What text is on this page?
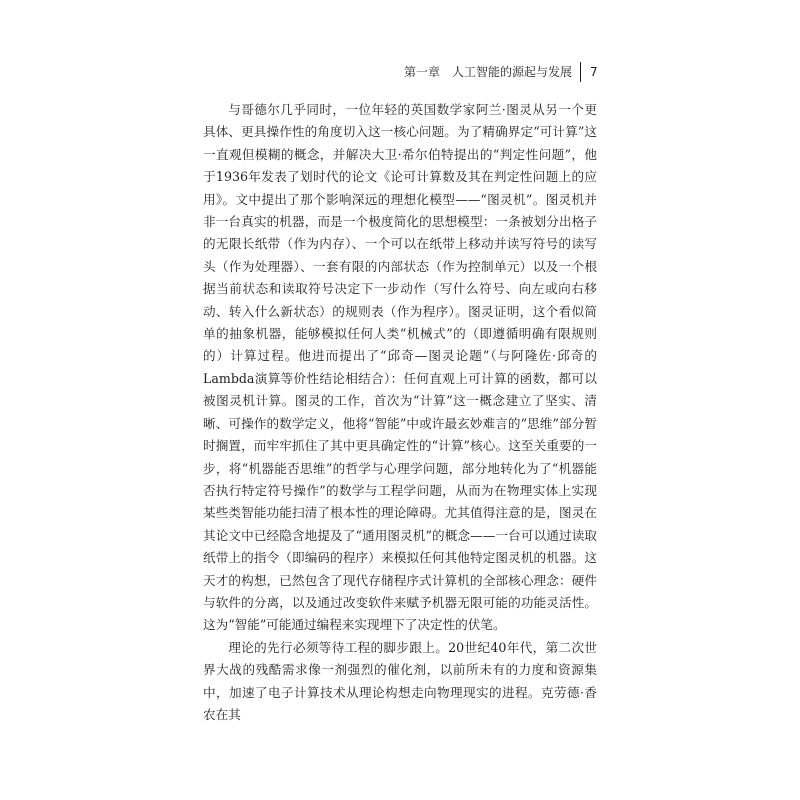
第一章　人工智能的源起与发展 7

与哥德尔几乎同时，一位年轻的英国数学家阿兰·图灵从另一个更具体、更具操作性的角度切入这一核心问题。为了精确界定“可计算”这一直观但模糊的概念，并解决大卫·希尔伯特提出的“判定性问题”，他于1936年发表了划时代的论文《论可计算数及其在判定性问题上的应用》。文中提出了那个影响深远的理想化模型——“图灵机”。图灵机并非一台真实的机器，而是一个极度简化的思想模型：一条被划分出格子的无限长纸带（作为内存）、一个可以在纸带上移动并读写符号的读写头（作为处理器）、一套有限的内部状态（作为控制单元）以及一个根据当前状态和读取符号决定下一步动作（写什么符号、向左或向右移动、转入什么新状态）的规则表（作为程序）。图灵证明，这个看似简单的抽象机器，能够模拟任何人类“机械式”的（即遵循明确有限规则的）计算过程。他进而提出了“邱奇—图灵论题”（与阿隆佐·邱奇的Lambda演算等价性结论相结合）：任何直观上可计算的函数，都可以被图灵机计算。图灵的工作，首次为“计算”这一概念建立了坚实、清晰、可操作的数学定义，他将“智能”中或许最玄妙难言的“思维”部分暂时搁置，而牢牢抓住了其中更具确定性的“计算”核心。这至关重要的一步，将“机器能否思维”的哲学与心理学问题，部分地转化为了“机器能否执行特定符号操作”的数学与工程学问题，从而为在物理实体上实现某些类智能功能扫清了根本性的理论障碍。尤其值得注意的是，图灵在其论文中已经隐含地提及了“通用图灵机”的概念——一台可以通过读取纸带上的指令（即编码的程序）来模拟任何其他特定图灵机的机器。这天才的构想，已然包含了现代存储程序式计算机的全部核心理念：硬件与软件的分离，以及通过改变软件来赋予机器无限可能的功能灵活性。这为“智能”可能通过编程来实现埋下了决定性的伏笔。

理论的先行必须等待工程的脚步跟上。20世纪40年代，第二次世界大战的残酷需求像一剂强烈的催化剂，以前所未有的力度和资源集中，加速了电子计算技术从理论构想走向物理现实的进程。克劳德·香农在其
